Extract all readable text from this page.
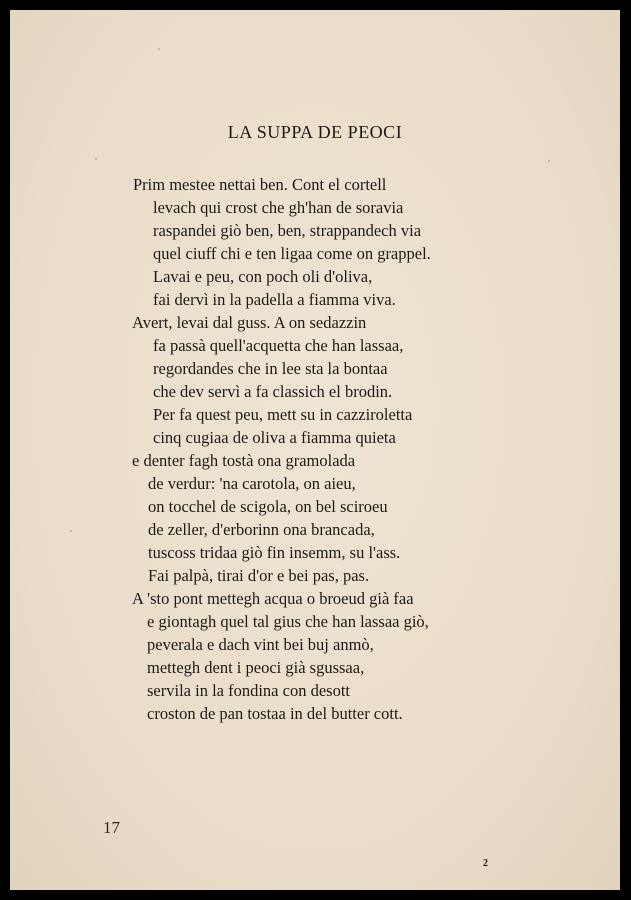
LA SUPPA DE PEOCI
Prim mestee nettai ben. Cont el cortell
levach qui crost che gh'han de soravia
raspandei giò ben, ben, strappandech via
quel ciuff chi e ten ligaa come on grappel.
Lavai e peu, con poch oli d'oliva,
fai dervì in la padella a fiamma viva.
Avert, levai dal guss. A on sedazzin
fa passà quell'acquetta che han lassaa,
regordandes che in lee sta la bontaa
che dev servì a fa classich el brodin.
Per fa quest peu, mett su in cazziroletta
cinq cugiaa de oliva a fiamma quieta
e denter fagh tostà ona gramolada
de verdur: 'na carotola, on aieu,
on tocchel de scigola, on bel sciroeu
de zeller, d'erborinn ona brancada,
tuscoss tridaa giò fin insemm, su l'ass.
Fai palpà, tirai d'or e bei pas, pas.
A 'sto pont mettegh acqua o broeud già faa
e giontagh quel tal gius che han lassaa giò,
peverala e dach vint bei buj anmò,
mettegh dent i peoci già sgussaa,
servila in la fondina con desott
croston de pan tostaa in del butter cott.
17
2
